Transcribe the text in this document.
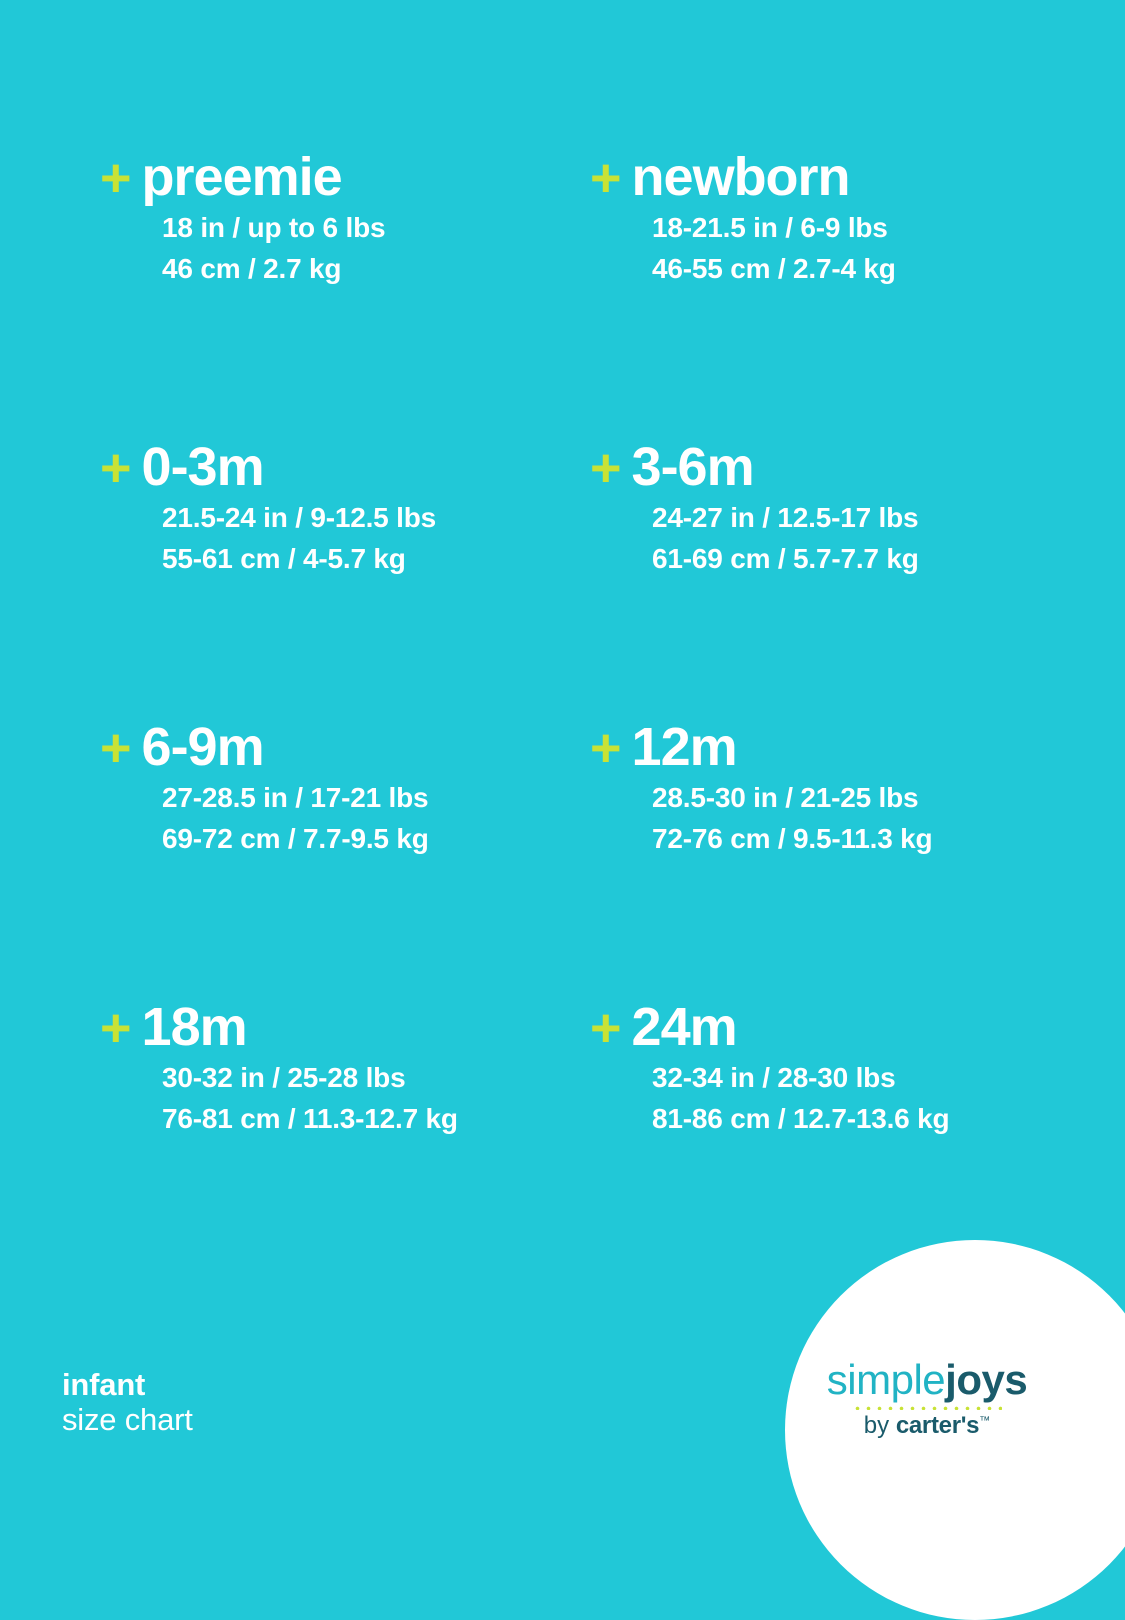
+ preemie
18 in / up to 6 lbs
46 cm / 2.7 kg
+ newborn
18-21.5 in / 6-9 lbs
46-55 cm / 2.7-4 kg
+ 0-3m
21.5-24 in / 9-12.5 lbs
55-61 cm / 4-5.7 kg
+ 3-6m
24-27 in / 12.5-17 lbs
61-69 cm / 5.7-7.7 kg
+ 6-9m
27-28.5 in / 17-21 lbs
69-72 cm / 7.7-9.5 kg
+ 12m
28.5-30 in / 21-25 lbs
72-76 cm / 9.5-11.3 kg
+ 18m
30-32 in / 25-28 lbs
76-81 cm / 11.3-12.7 kg
+ 24m
32-34 in / 28-30 lbs
81-86 cm / 12.7-13.6 kg
infant
size chart
simplejoys
by carter's™
